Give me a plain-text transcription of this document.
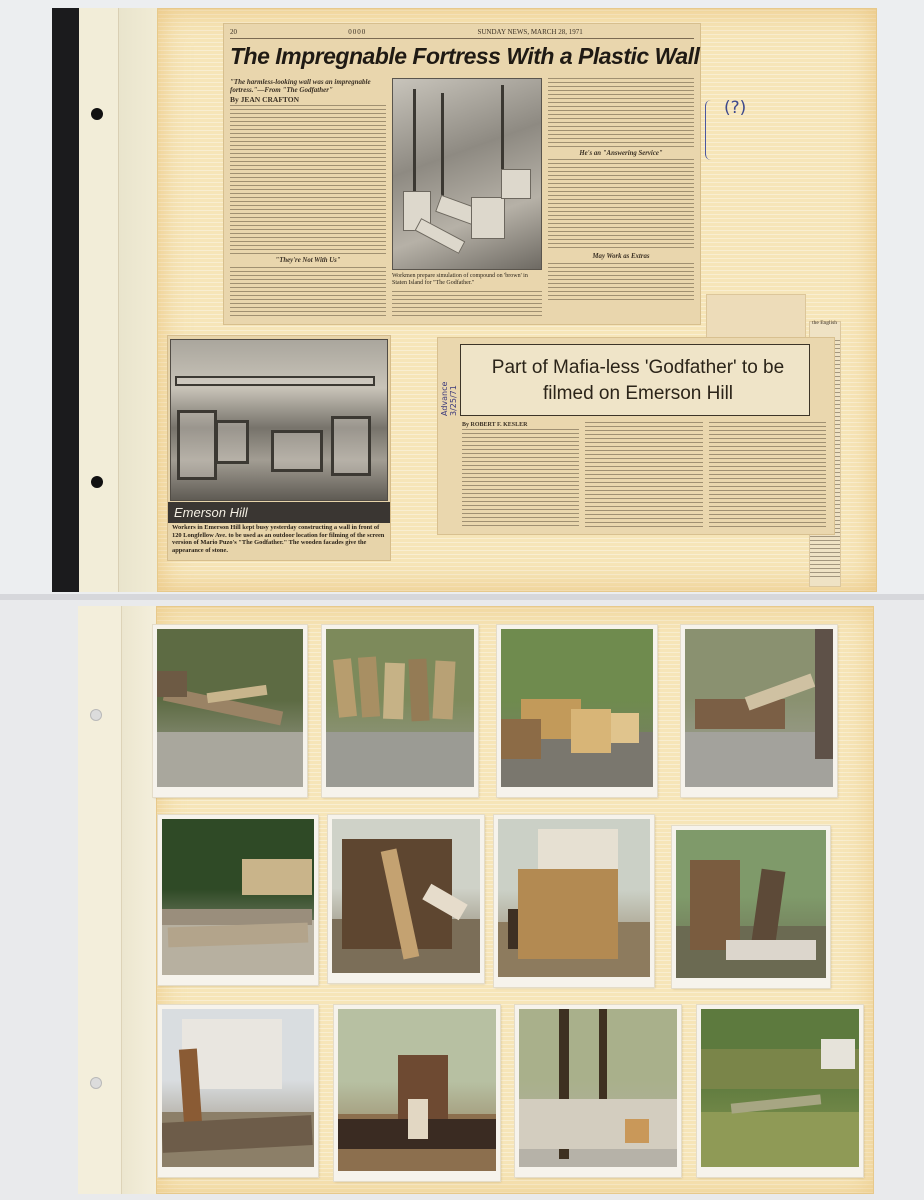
20	0000	SUNDAY NEWS, MARCH 28, 1971
The Impregnable Fortress With a Plastic Wall
"The harmless-looking wall was an impregnable fortress."—From "The Godfather"
By JEAN CRAFTON
"They're Not With Us"
Workmen prepare simulation of compound on 'brown' in Staten Island for "The Godfather."
He's an "Answering Service"
May Work as Extras
(?)
Emerson Hill
Workers in Emerson Hill kept busy yesterday constructing a wall in front of 120 Longfellow Ave. to be used as an outdoor location for filming of the screen version of Mario Puzo's "The Godfather." The wooden facades give the appearance of stone.
the English
Advance 3/25/71
Part of Mafia-less 'Godfather' to be filmed on Emerson Hill
By ROBERT F. KESLER
